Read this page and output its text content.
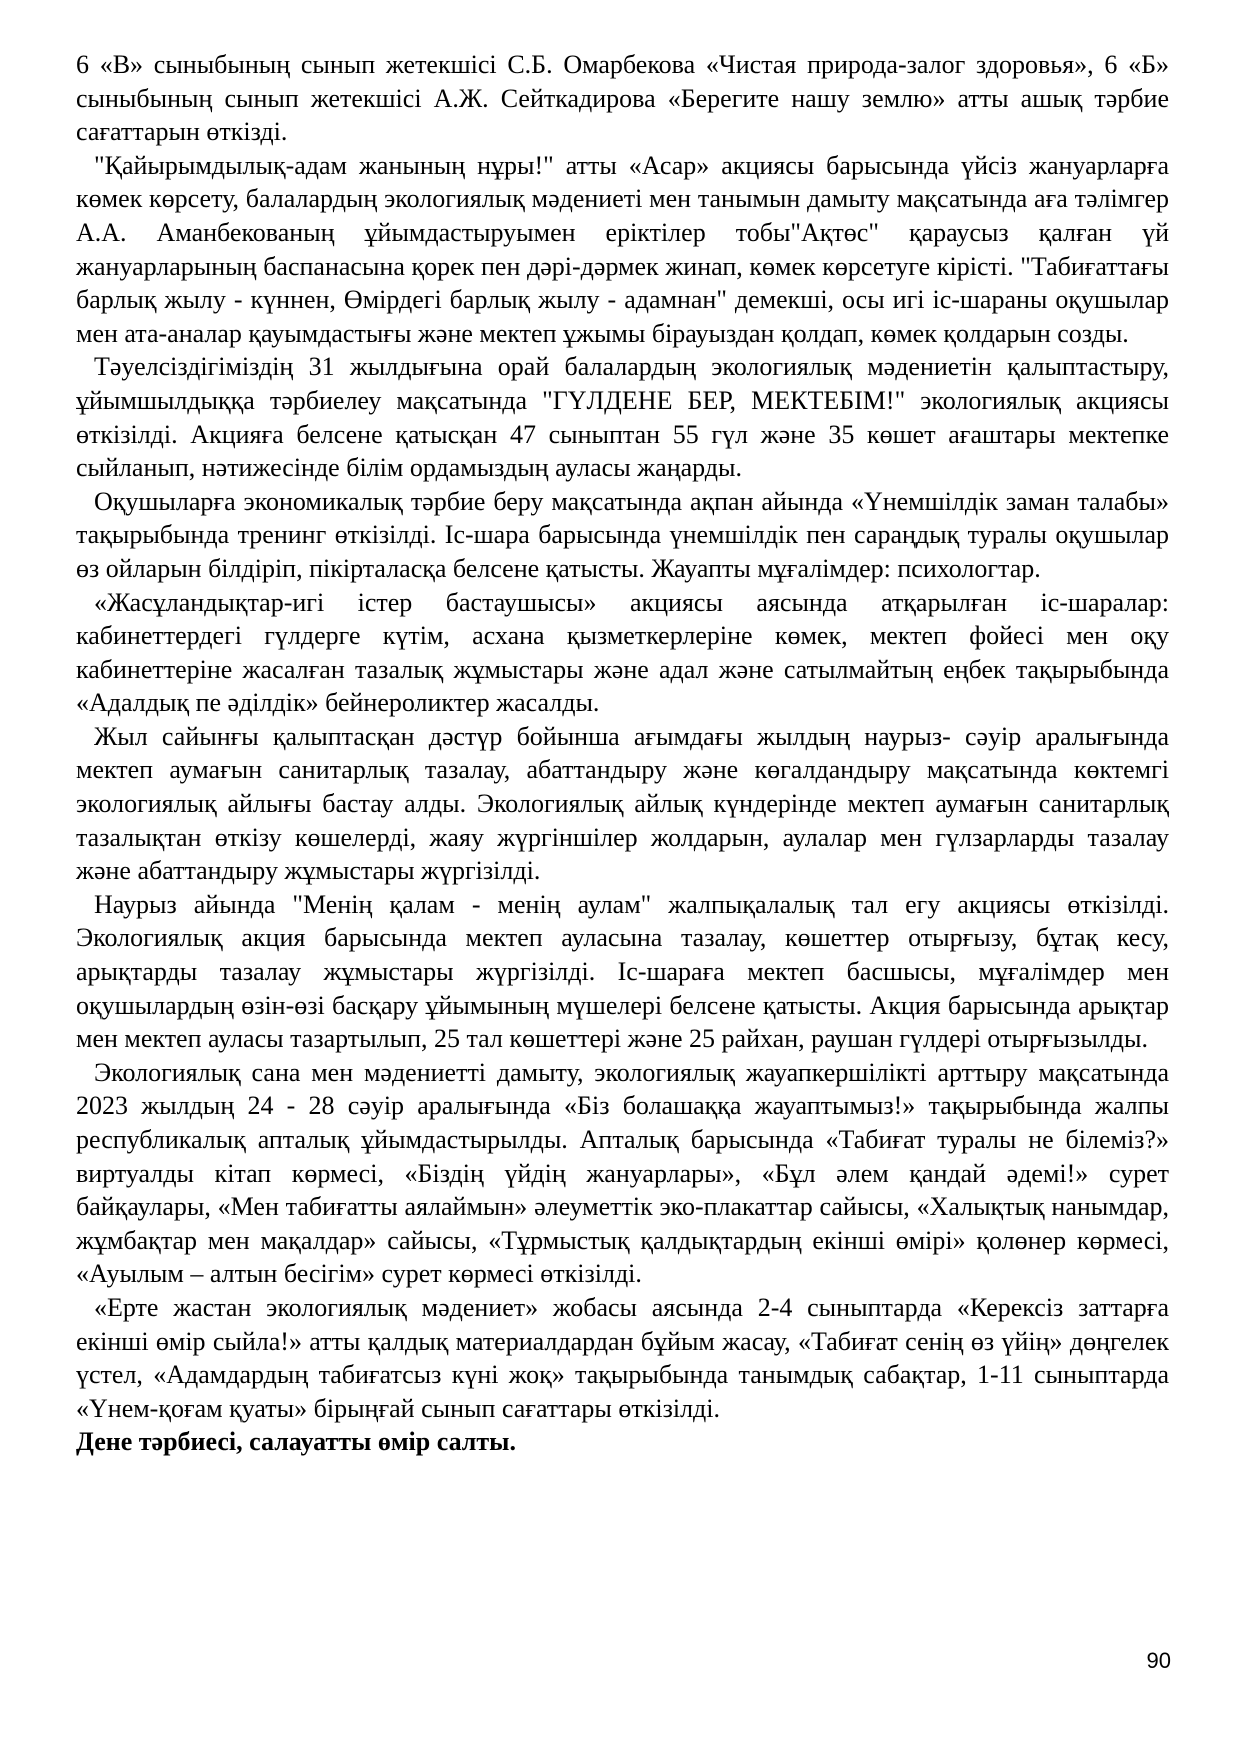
6 «В» сыныбының сынып жетекшісі С.Б. Омарбекова «Чистая природа-залог здоровья», 6 «Б» сыныбының сынып жетекшісі А.Ж. Сейткадирова «Берегите нашу землю» атты ашық тәрбие сағаттарын өткізді.

"Қайырымдылық-адам жанының нұры!" атты «Асар» акциясы барысында үйсіз жануарларға көмек көрсету, балалардың экологиялық мәдениеті мен танымын дамыту мақсатында аға тәлімгер А.А. Аманбекованың ұйымдастыруымен еріктілер тобы"Ақтөс" қараусыз қалған үй жануарларының баспанасына қорек пен дәрі-дәрмек жинап, көмек көрсетуге кірісті. "Табиғаттағы барлық жылу - күннен, Өмірдегі барлық жылу - адамнан" демекші, осы игі іс-шараны оқушылар мен ата-аналар қауымдастығы және мектеп ұжымы бірауыздан қолдап, көмек қолдарын созды.

Тәуелсіздігіміздің 31 жылдығына орай балалардың экологиялық мәдениетін қалыптастыру, ұйымшылдыққа тәрбиелеу мақсатында "ГҮЛДЕНЕ БЕР, МЕКТЕБІМ!" экологиялық акциясы өткізілді. Акцияға белсене қатысқан 47 сыныптан 55 гүл және 35 көшет ағаштары мектепке сыйланып, нәтижесінде білім ордамыздың ауласы жаңарды.

Оқушыларға экономикалық тәрбие беру мақсатында ақпан айында «Үнемшілдік заман талабы» тақырыбында тренинг өткізілді. Іс-шара барысында үнемшілдік пен сараңдық туралы оқушылар өз ойларын білдіріп, пікірталасқа белсене қатысты. Жауапты мұғалімдер: психологтар.

«Жасұландықтар-игі істер бастаушысы» акциясы аясында атқарылған іс-шаралар: кабинеттердегі гүлдерге күтім, асхана қызметкерлеріне көмек, мектеп фойесі мен оқу кабинеттеріне жасалған тазалық жұмыстары және адал және сатылмайтың еңбек тақырыбында «Адалдық пе әділдік» бейнероликтер жасалды.

Жыл сайынғы қалыптасқан дәстүр бойынша ағымдағы жылдың наурыз- сәуір аралығында мектеп аумағын санитарлық тазалау, абаттандыру және көгалдандыру мақсатында көктемгі экологиялық айлығы бастау алды. Экологиялық айлық күндерінде мектеп аумағын санитарлық тазалықтан өткізу көшелерді, жаяу жүргіншілер жолдарын, аулалар мен гүлзарларды тазалау және абаттандыру жұмыстары жүргізілді.

Наурыз айында "Менің қалам - менің аулам" жалпықалалық тал егу акциясы өткізілді. Экологиялық акция барысында мектеп ауласына тазалау, көшеттер отырғызу, бұтақ кесу, арықтарды тазалау жұмыстары жүргізілді. Іс-шараға мектеп басшысы, мұғалімдер мен оқушылардың өзін-өзі басқару ұйымының мүшелері белсене қатысты. Акция барысында арықтар мен мектеп ауласы тазартылып, 25 тал көшеттері және 25 райхан, раушан гүлдері отырғызылды.

Экологиялық сана мен мәдениетті дамыту, экологиялық жауапкершілікті арттыру мақсатында 2023 жылдың 24 - 28 сәуір аралығында «Біз болашаққа жауаптымыз!» тақырыбында жалпы республикалық апталық ұйымдастырылды. Апталық барысында «Табиғат туралы не білеміз?» виртуалды кітап көрмесі, «Біздің үйдің жануарлары», «Бұл әлем қандай әдемі!» сурет байқаулары, «Мен табиғатты аялаймын» әлеуметтік эко-плакаттар сайысы, «Халықтық нанымдар, жұмбақтар мен мақалдар» сайысы, «Тұрмыстық қалдықтардың екінші өмірі» қолөнер көрмесі, «Ауылым – алтын бесігім» сурет көрмесі өткізілді.

«Ерте жастан экологиялық мәдениет» жобасы аясында 2-4 сыныптарда «Керексіз заттарға екінші өмір сыйла!» атты қалдық материалдардан бұйым жасау, «Табиғат сенің өз үйің» дөңгелек үстел, «Адамдардың табиғатсыз күні жоқ» тақырыбында танымдық сабақтар, 1-11 сыныптарда «Үнем-қоғам қуаты» бірыңғай сынып сағаттары өткізілді.

Дене тәрбиесі, салауатты өмір салты.

90
